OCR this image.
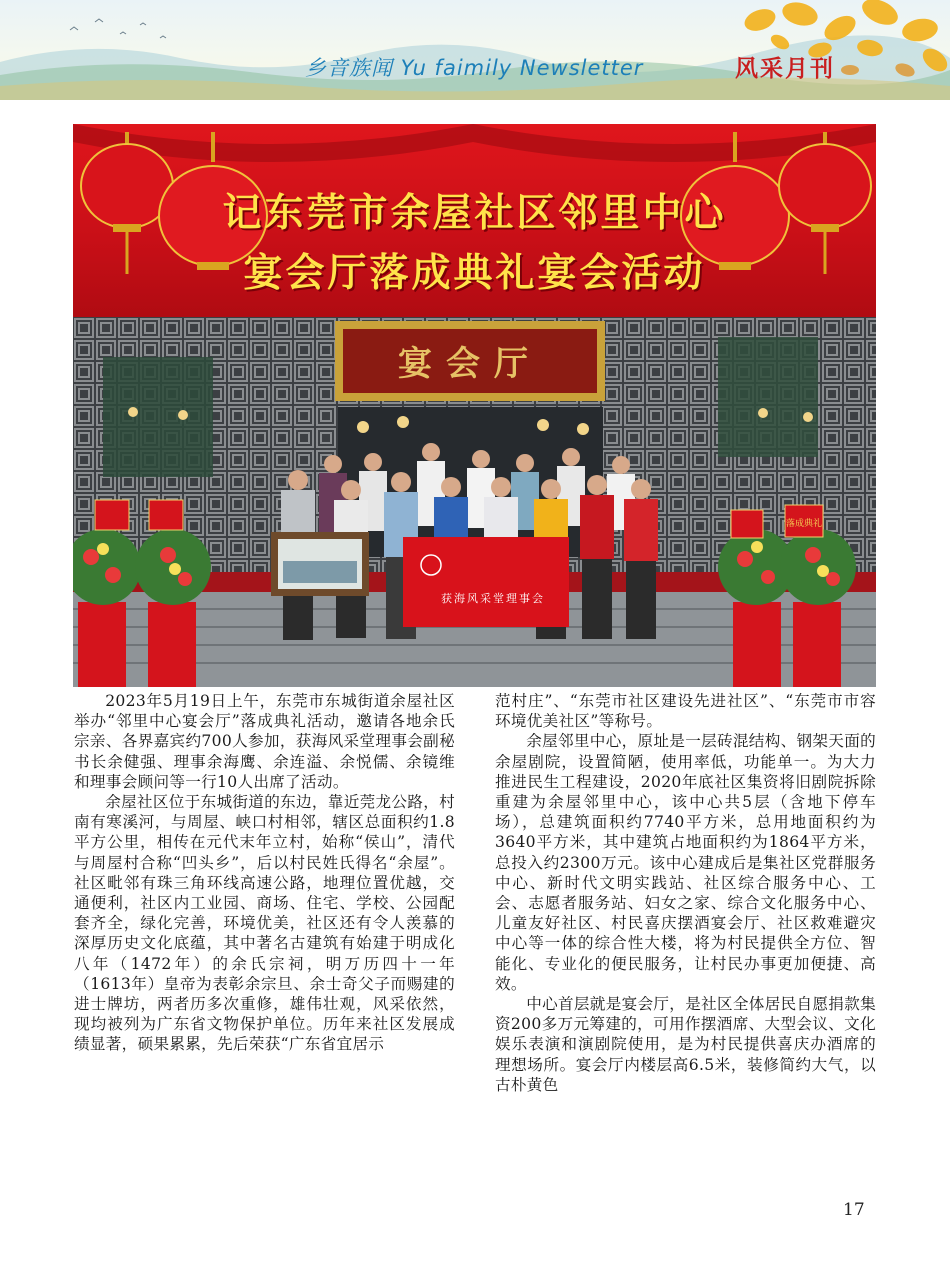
乡音族闻 Yu faimily Newsletter	风采月刊
记东莞市余屋社区邻里中心
宴会厅落成典礼宴会活动
宴会厅
落成典礼
获海风采堂理事会

2023年5月19日上午，东莞市东城街道余屋社区举办“邻里中心宴会厅”落成典礼活动，邀请各地余氏宗亲、各界嘉宾约700人参加，获海风采堂理事会副秘书长余健强、理事余海鹰、余连溢、余悦儒、余镜维和理事会顾问等一行10人出席了活动。

余屋社区位于东城街道的东边，靠近莞龙公路，村南有寒溪河，与周屋、峡口村相邻，辖区总面积约1.8平方公里，相传在元代末年立村，始称“侯山”，清代与周屋村合称“凹头乡”，后以村民姓氏得名“余屋”。社区毗邻有珠三角环线高速公路，地理位置优越，交通便利，社区内工业园、商场、住宅、学校、公园配套齐全，绿化完善，环境优美，社区还有令人羡慕的深厚历史文化底蕴，其中著名古建筑有始建于明成化八年（1472年）的余氏宗祠，明万历四十一年（1613年）皇帝为表彰余宗旦、余士奇父子而赐建的进士牌坊，两者历多次重修，雄伟壮观，风采依然，现均被列为广东省文物保护单位。历年来社区发展成绩显著，硕果累累，先后荣获“广东省宜居示

范村庄”、“东莞市社区建设先进社区”、“东莞市市容环境优美社区”等称号。

余屋邻里中心，原址是一层砖混结构、钢架天面的余屋剧院，设置简陋，使用率低，功能单一。为大力推进民生工程建设，2020年底社区集资将旧剧院拆除重建为余屋邻里中心，该中心共5层（含地下停车场），总建筑面积约7740平方米，总用地面积约为3640平方米，其中建筑占地面积约为1864平方米，总投入约2300万元。该中心建成后是集社区党群服务中心、新时代文明实践站、社区综合服务中心、工会、志愿者服务站、妇女之家、综合文化服务中心、儿童友好社区、村民喜庆摆酒宴会厅、社区救难避灾中心等一体的综合性大楼，将为村民提供全方位、智能化、专业化的便民服务，让村民办事更加便捷、高效。

中心首层就是宴会厅，是社区全体居民自愿捐款集资200多万元筹建的，可用作摆酒席、大型会议、文化娱乐表演和演剧院使用，是为村民提供喜庆办酒席的理想场所。宴会厅内楼层高6.5米，装修简约大气，以古朴黄色

17
